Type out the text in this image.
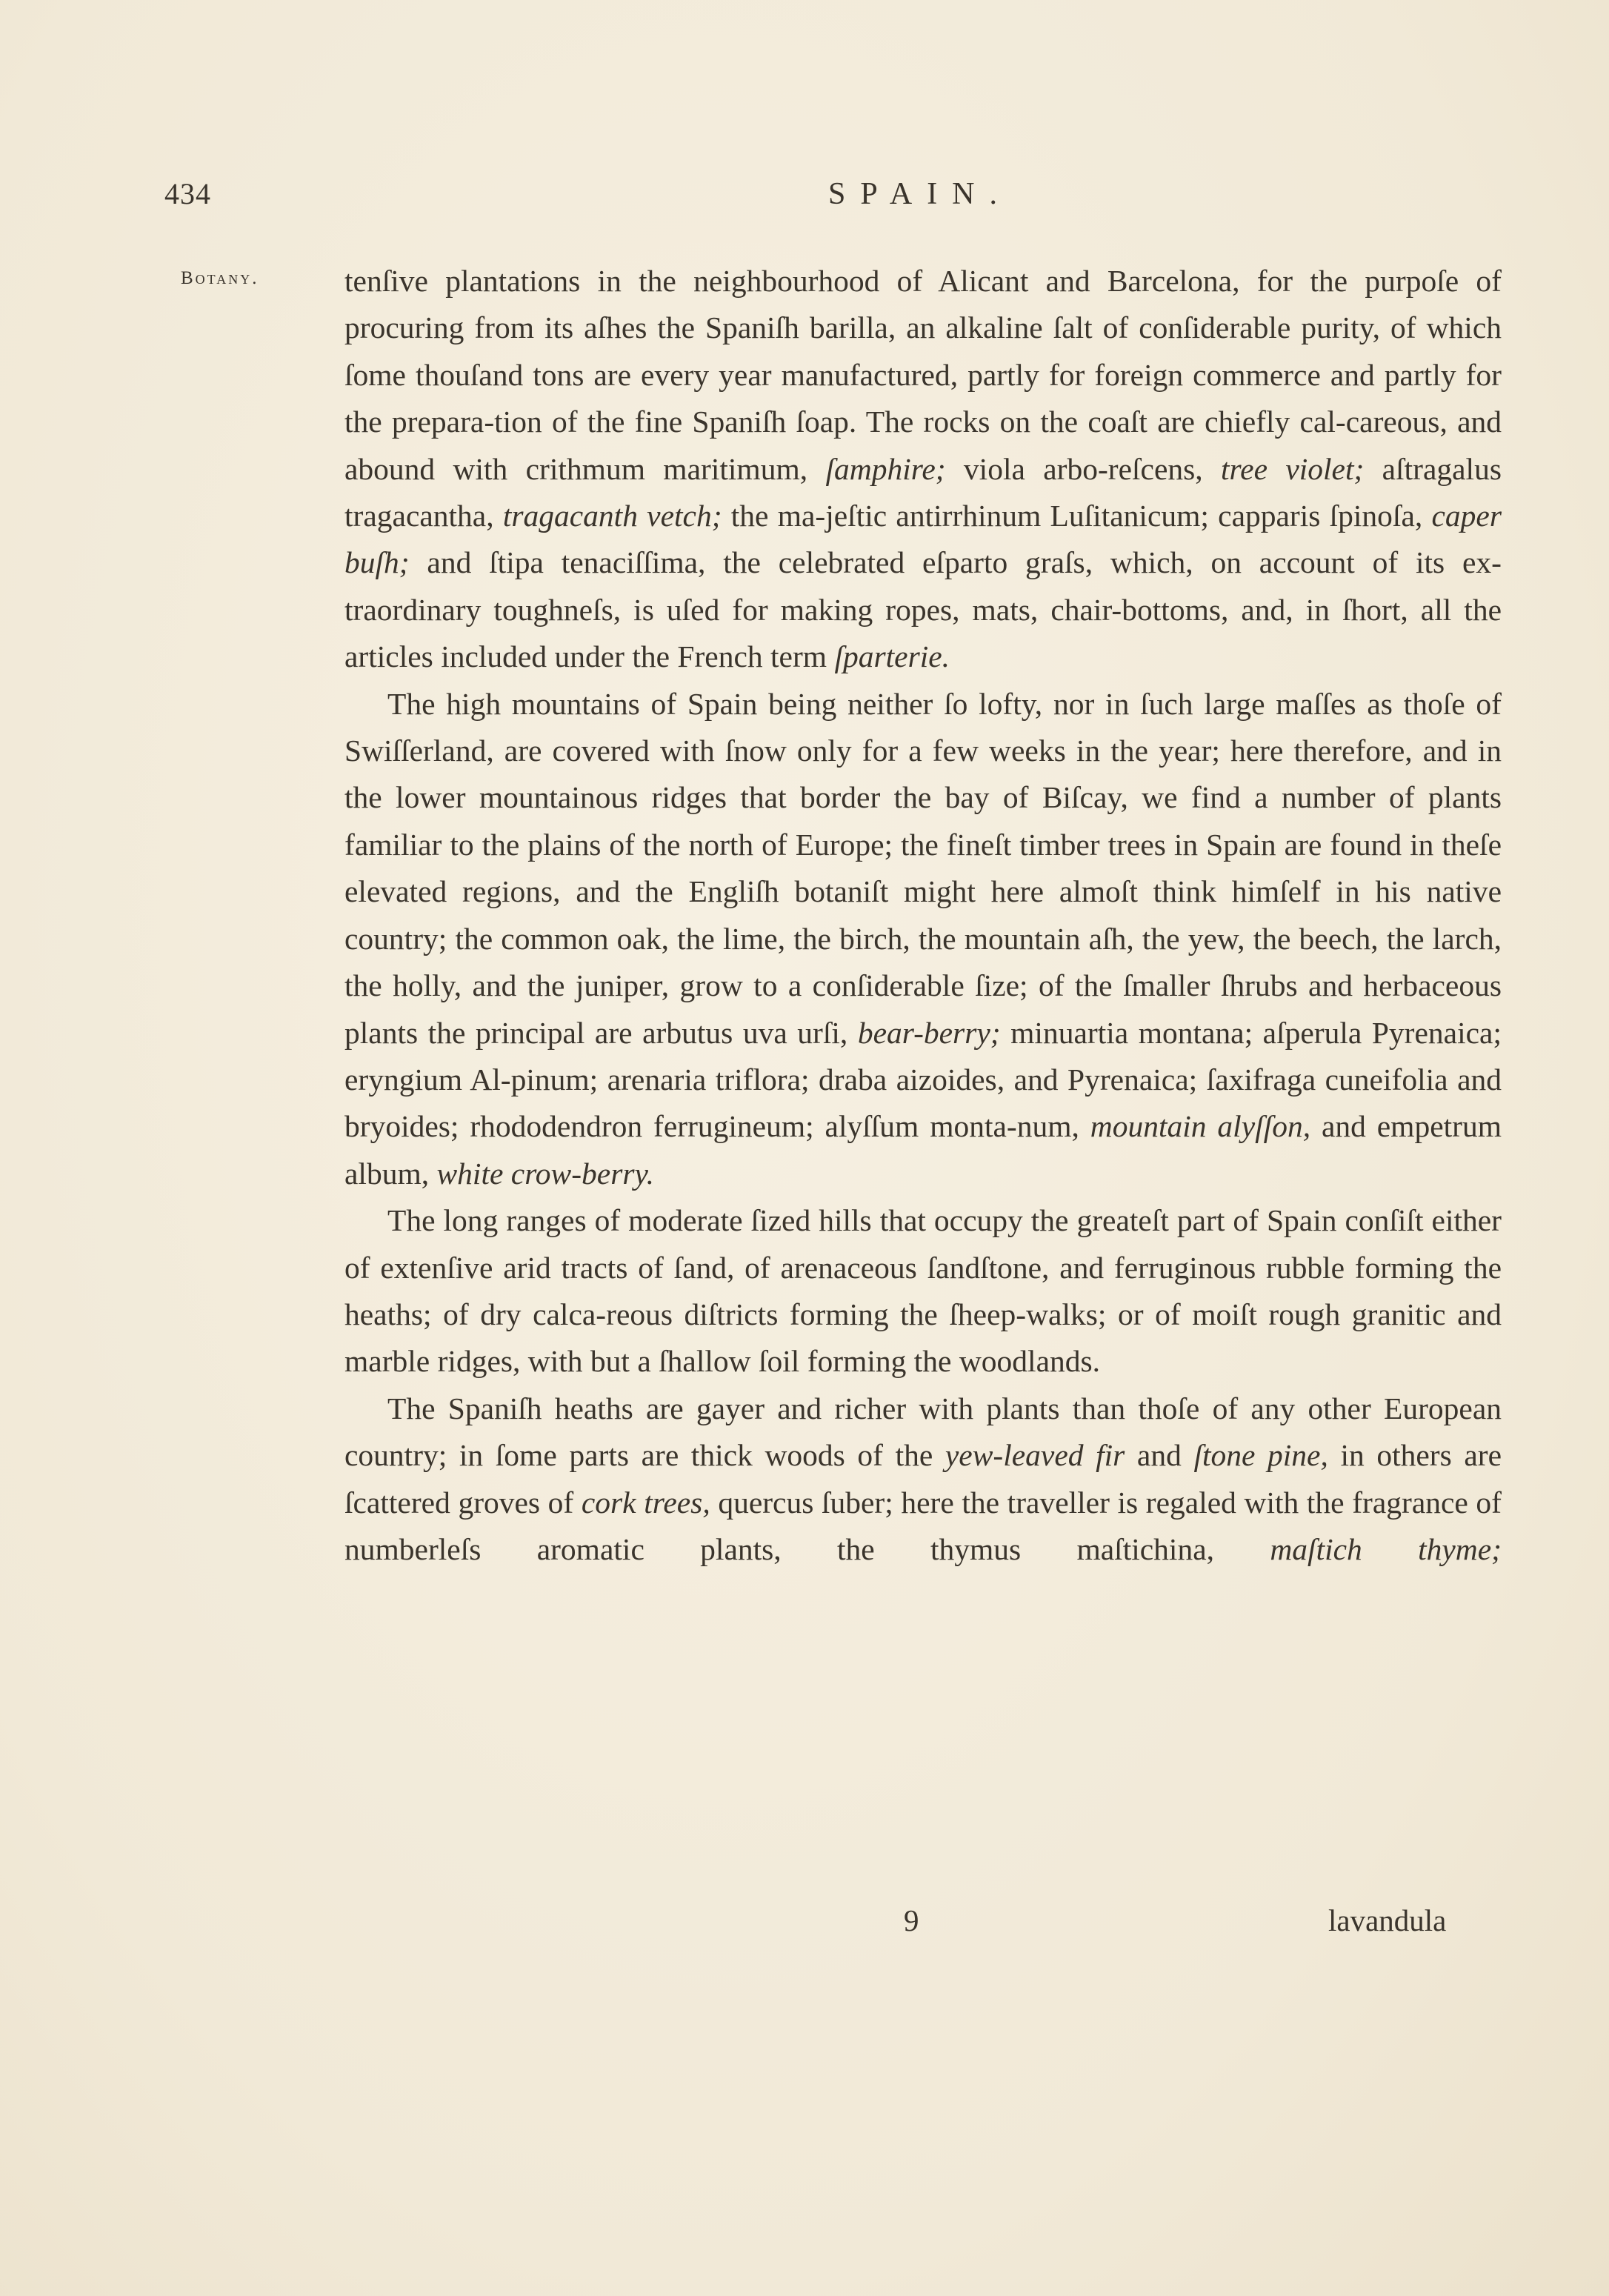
434	SPAIN.
Botany.	tenſive plantations in the neighbourhood of Alicant and Barcelona, for the purpoſe of procuring from its aſhes the Spaniſh barilla, an alkaline ſalt of conſiderable purity, of which ſome thouſand tons are every year manufactured, partly for foreign commerce and partly for the prepara-tion of the fine Spaniſh ſoap. The rocks on the coaſt are chiefly cal-careous, and abound with crithmum maritimum, ſamphire; viola arbo-reſcens, tree violet; aſtragalus tragacantha, tragacanth vetch; the ma-jeſtic antirrhinum Luſitanicum; capparis ſpinoſa, caper buſh; and ſtipa tenaciſſima, the celebrated eſparto graſs, which, on account of its ex-traordinary toughneſs, is uſed for making ropes, mats, chair-bottoms, and, in ſhort, all the articles included under the French term ſparterie.

The high mountains of Spain being neither ſo lofty, nor in ſuch large maſſes as thoſe of Swiſſerland, are covered with ſnow only for a few weeks in the year; here therefore, and in the lower mountainous ridges that border the bay of Biſcay, we find a number of plants familiar to the plains of the north of Europe; the fineſt timber trees in Spain are found in theſe elevated regions, and the Engliſh botaniſt might here almoſt think himſelf in his native country; the common oak, the lime, the birch, the mountain aſh, the yew, the beech, the larch, the holly, and the juniper, grow to a conſiderable ſize; of the ſmaller ſhrubs and herbaceous plants the principal are arbutus uva urſi, bear-berry; minuartia montana; aſperula Pyrenaica; eryngium Al-pinum; arenaria triflora; draba aizoides, and Pyrenaica; ſaxifraga cuneifolia and bryoides; rhododendron ferrugineum; alyſſum monta-num, mountain alyſſon, and empetrum album, white crow-berry.

The long ranges of moderate ſized hills that occupy the greateſt part of Spain conſiſt either of extenſive arid tracts of ſand, of arenaceous ſandſtone, and ferruginous rubble forming the heaths; of dry calca-reous diſtricts forming the ſheep-walks; or of moiſt rough granitic and marble ridges, with but a ſhallow ſoil forming the woodlands.

The Spaniſh heaths are gayer and richer with plants than thoſe of any other European country; in ſome parts are thick woods of the yew-leaved fir and ſtone pine, in others are ſcattered groves of cork trees, quercus ſuber; here the traveller is regaled with the fragrance of numberleſs aromatic plants, the thymus maſtichina, maſtich thyme;

9	lavandula
